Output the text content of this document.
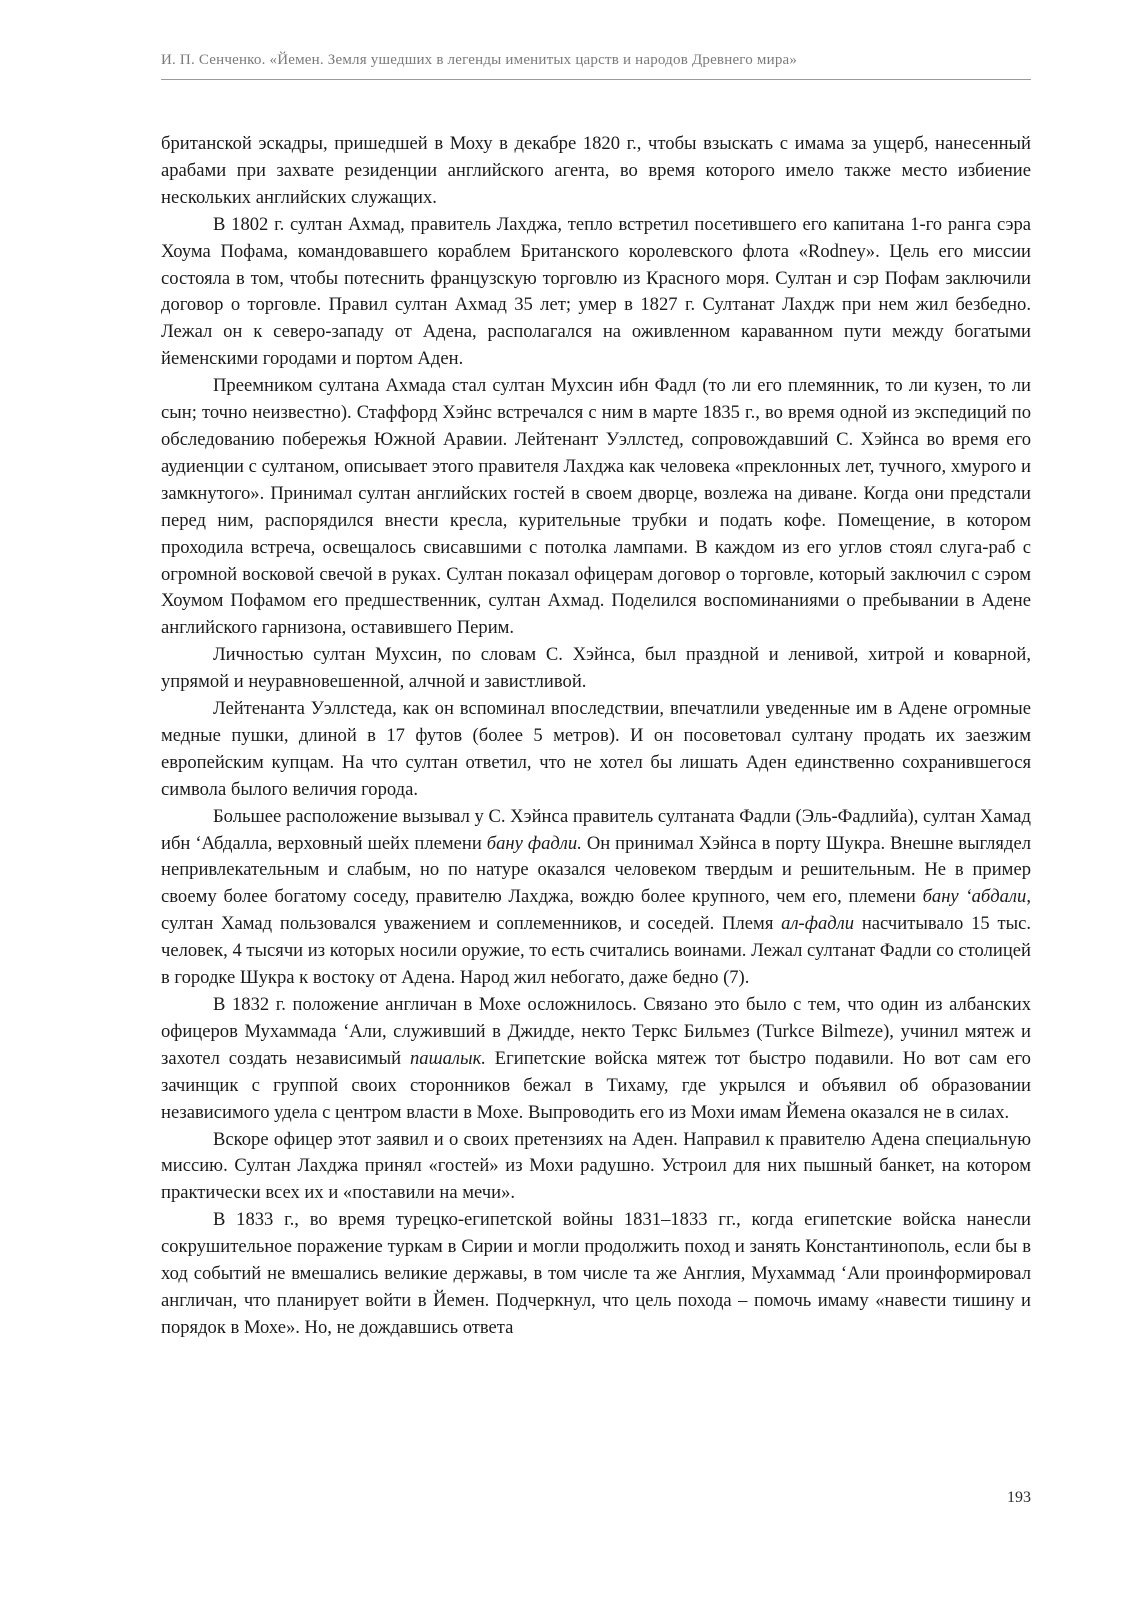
И. П. Сенченко. «Йемен. Земля ушедших в легенды именитых царств и народов Древнего мира»

британской эскадры, пришедшей в Моху в декабре 1820 г., чтобы взыскать с имама за ущерб, нанесенный арабами при захвате резиденции английского агента, во время которого имело также место избиение нескольких английских служащих.

В 1802 г. султан Ахмад, правитель Лахджа, тепло встретил посетившего его капитана 1-го ранга сэра Хоума Пофама, командовавшего кораблем Британского королевского флота «Rodney». Цель его миссии состояла в том, чтобы потеснить французскую торговлю из Красного моря. Султан и сэр Пофам заключили договор о торговле. Правил султан Ахмад 35 лет; умер в 1827 г. Султанат Лахдж при нем жил безбедно. Лежал он к северо-западу от Адена, располагался на оживленном караванном пути между богатыми йеменскими городами и портом Аден.

Преемником султана Ахмада стал султан Мухсин ибн Фадл (то ли его племянник, то ли кузен, то ли сын; точно неизвестно). Стаффорд Хэйнс встречался с ним в марте 1835 г., во время одной из экспедиций по обследованию побережья Южной Аравии. Лейтенант Уэллстед, сопровождавший С. Хэйнса во время его аудиенции с султаном, описывает этого правителя Лахджа как человека «преклонных лет, тучного, хмурого и замкнутого». Принимал султан английских гостей в своем дворце, возлежа на диване. Когда они предстали перед ним, распорядился внести кресла, курительные трубки и подать кофе. Помещение, в котором проходила встреча, освещалось свисавшими с потолка лампами. В каждом из его углов стоял слуга-раб с огромной восковой свечой в руках. Султан показал офицерам договор о торговле, который заключил с сэром Хоумом Пофамом его предшественник, султан Ахмад. Поделился воспоминаниями о пребывании в Адене английского гарнизона, оставившего Перим.

Личностью султан Мухсин, по словам С. Хэйнса, был праздной и ленивой, хитрой и коварной, упрямой и неуравновешенной, алчной и завистливой.

Лейтенанта Уэллстеда, как он вспоминал впоследствии, впечатлили уведенные им в Адене огромные медные пушки, длиной в 17 футов (более 5 метров). И он посоветовал султану продать их заезжим европейским купцам. На что султан ответил, что не хотел бы лишать Аден единственно сохранившегося символа былого величия города.

Большее расположение вызывал у С. Хэйнса правитель султаната Фадли (Эль-Фадлийа), султан Хамад ибн ‘Абдалла, верховный шейх племени бану фадли. Он принимал Хэйнса в порту Шукра. Внешне выглядел непривлекательным и слабым, но по натуре оказался человеком твердым и решительным. Не в пример своему более богатому соседу, правителю Лахджа, вождю более крупного, чем его, племени бану ‘абдали, султан Хамад пользовался уважением и соплеменников, и соседей. Племя ал-фадли насчитывало 15 тыс. человек, 4 тысячи из которых носили оружие, то есть считались воинами. Лежал султанат Фадли со столицей в городке Шукра к востоку от Адена. Народ жил небогато, даже бедно (7).

В 1832 г. положение англичан в Мохе осложнилось. Связано это было с тем, что один из албанских офицеров Мухаммада ‘Али, служивший в Джидде, некто Теркс Бильмез (Turkce Bilmeze), учинил мятеж и захотел создать независимый пашалык. Египетские войска мятеж тот быстро подавили. Но вот сам его зачинщик с группой своих сторонников бежал в Тихаму, где укрылся и объявил об образовании независимого удела с центром власти в Мохе. Выпроводить его из Мохи имам Йемена оказался не в силах.

Вскоре офицер этот заявил и о своих претензиях на Аден. Направил к правителю Адена специальную миссию. Султан Лахджа принял «гостей» из Мохи радушно. Устроил для них пышный банкет, на котором практически всех их и «поставили на мечи».

В 1833 г., во время турецко-египетской войны 1831–1833 гг., когда египетские войска нанесли сокрушительное поражение туркам в Сирии и могли продолжить поход и занять Константинополь, если бы в ход событий не вмешались великие державы, в том числе та же Англия, Мухаммад ‘Али проинформировал англичан, что планирует войти в Йемен. Подчеркнул, что цель похода – помочь имаму «навести тишину и порядок в Мохе». Но, не дождавшись ответа

193
